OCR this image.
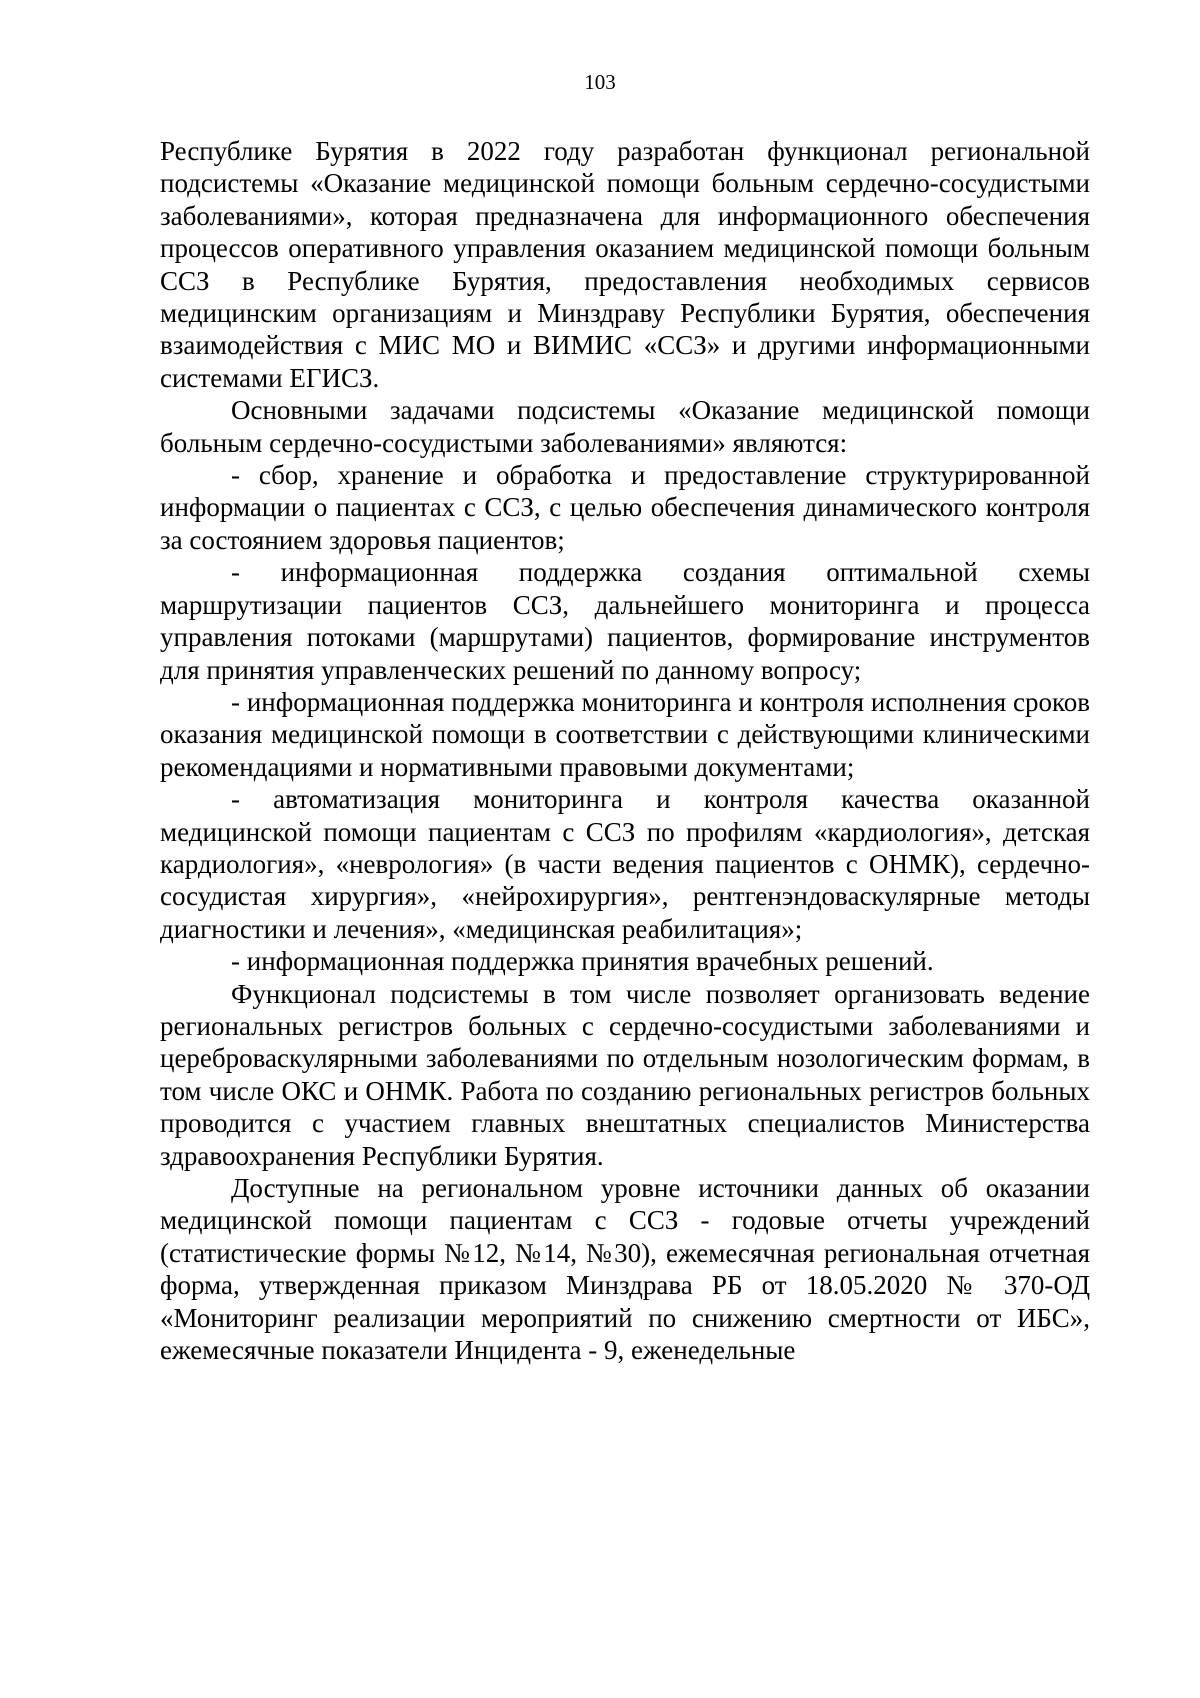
103

Республике Бурятия в 2022 году разработан функционал региональной подсистемы «Оказание медицинской помощи больным сердечно-сосудистыми заболеваниями», которая предназначена для информационного обеспечения процессов оперативного управления оказанием медицинской помощи больным ССЗ в Республике Бурятия, предоставления необходимых сервисов медицинским организациям и Минздраву Республики Бурятия, обеспечения взаимодействия с МИС МО и ВИМИС «ССЗ» и другими информационными системами ЕГИСЗ.

Основными задачами подсистемы «Оказание медицинской помощи больным сердечно-сосудистыми заболеваниями» являются:

- сбор, хранение и обработка и предоставление структурированной информации о пациентах с ССЗ, с целью обеспечения динамического контроля за состоянием здоровья пациентов;

- информационная поддержка создания оптимальной схемы маршрутизации пациентов ССЗ, дальнейшего мониторинга и процесса управления потоками (маршрутами) пациентов, формирование инструментов для принятия управленческих решений по данному вопросу;

- информационная поддержка мониторинга и контроля исполнения сроков оказания медицинской помощи в соответствии с действующими клиническими рекомендациями и нормативными правовыми документами;

- автоматизация мониторинга и контроля качества оказанной медицинской помощи пациентам с ССЗ по профилям «кардиология», детская кардиология», «неврология» (в части ведения пациентов с ОНМК), сердечно-сосудистая хирургия», «нейрохирургия», рентгенэндоваскулярные методы диагностики и лечения», «медицинская реабилитация»;

- информационная поддержка принятия врачебных решений.

Функционал подсистемы в том числе позволяет организовать ведение региональных регистров больных с сердечно-сосудистыми заболеваниями и цереброваскулярными заболеваниями по отдельным нозологическим формам, в том числе ОКС и ОНМК. Работа по созданию региональных регистров больных проводится с участием главных внештатных специалистов Министерства здравоохранения Республики Бурятия.

Доступные на региональном уровне источники данных об оказании медицинской помощи пациентам с ССЗ - годовые отчеты учреждений (статистические формы №12, №14, №30), ежемесячная региональная отчетная форма, утвержденная приказом Минздрава РБ от 18.05.2020 № 370-ОД «Мониторинг реализации мероприятий по снижению смертности от ИБС», ежемесячные показатели Инцидента - 9, еженедельные
